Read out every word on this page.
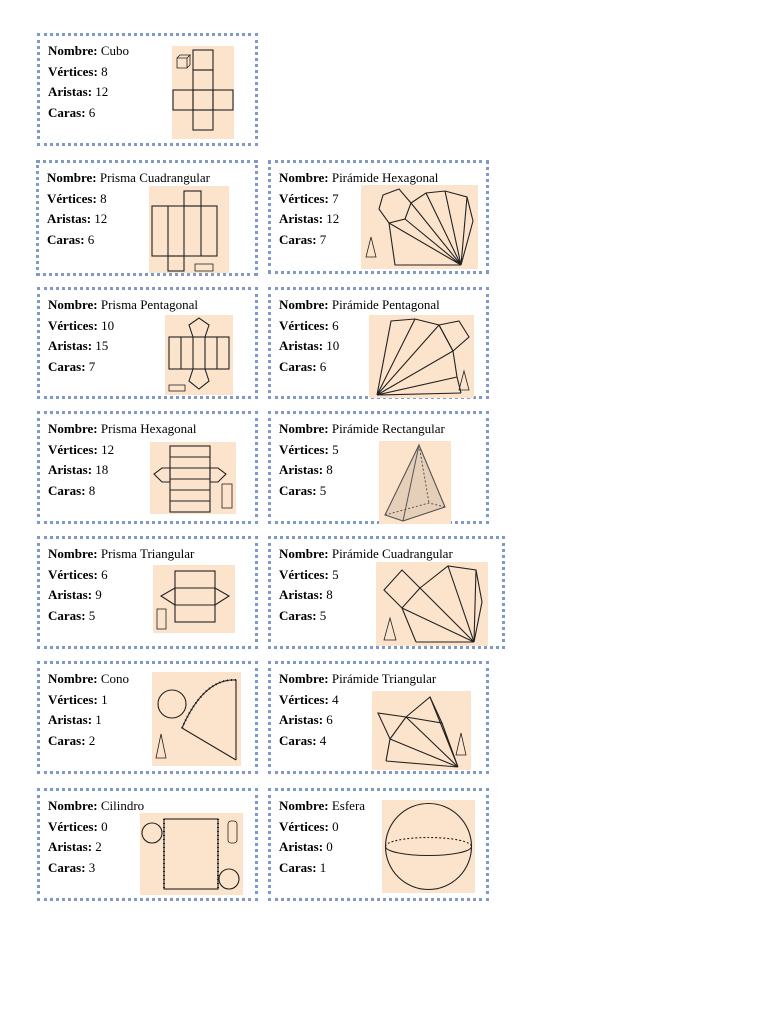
Nombre: Cubo
Vértices: 8
Aristas: 12
Caras: 6
Nombre: Prisma Cuadrangular
Vértices: 8
Aristas: 12
Caras: 6
Nombre: Pirámide Hexagonal
Vértices: 7
Aristas: 12
Caras: 7
Nombre: Prisma Pentagonal
Vértices: 10
Aristas: 15
Caras: 7
Nombre: Pirámide Pentagonal
Vértices: 6
Aristas: 10
Caras: 6
Nombre: Prisma Hexagonal
Vértices: 12
Aristas: 18
Caras: 8
Nombre: Pirámide Rectangular
Vértices: 5
Aristas: 8
Caras: 5
Nombre: Prisma Triangular
Vértices: 6
Aristas: 9
Caras: 5
Nombre: Pirámide Cuadrangular
Vértices: 5
Aristas: 8
Caras: 5
Nombre: Cono
Vértices: 1
Aristas: 1
Caras: 2
Nombre: Pirámide Triangular
Vértices: 4
Aristas: 6
Caras: 4
Nombre: Cilindro
Vértices: 0
Aristas: 2
Caras: 3
Nombre: Esfera
Vértices: 0
Aristas: 0
Caras: 1
